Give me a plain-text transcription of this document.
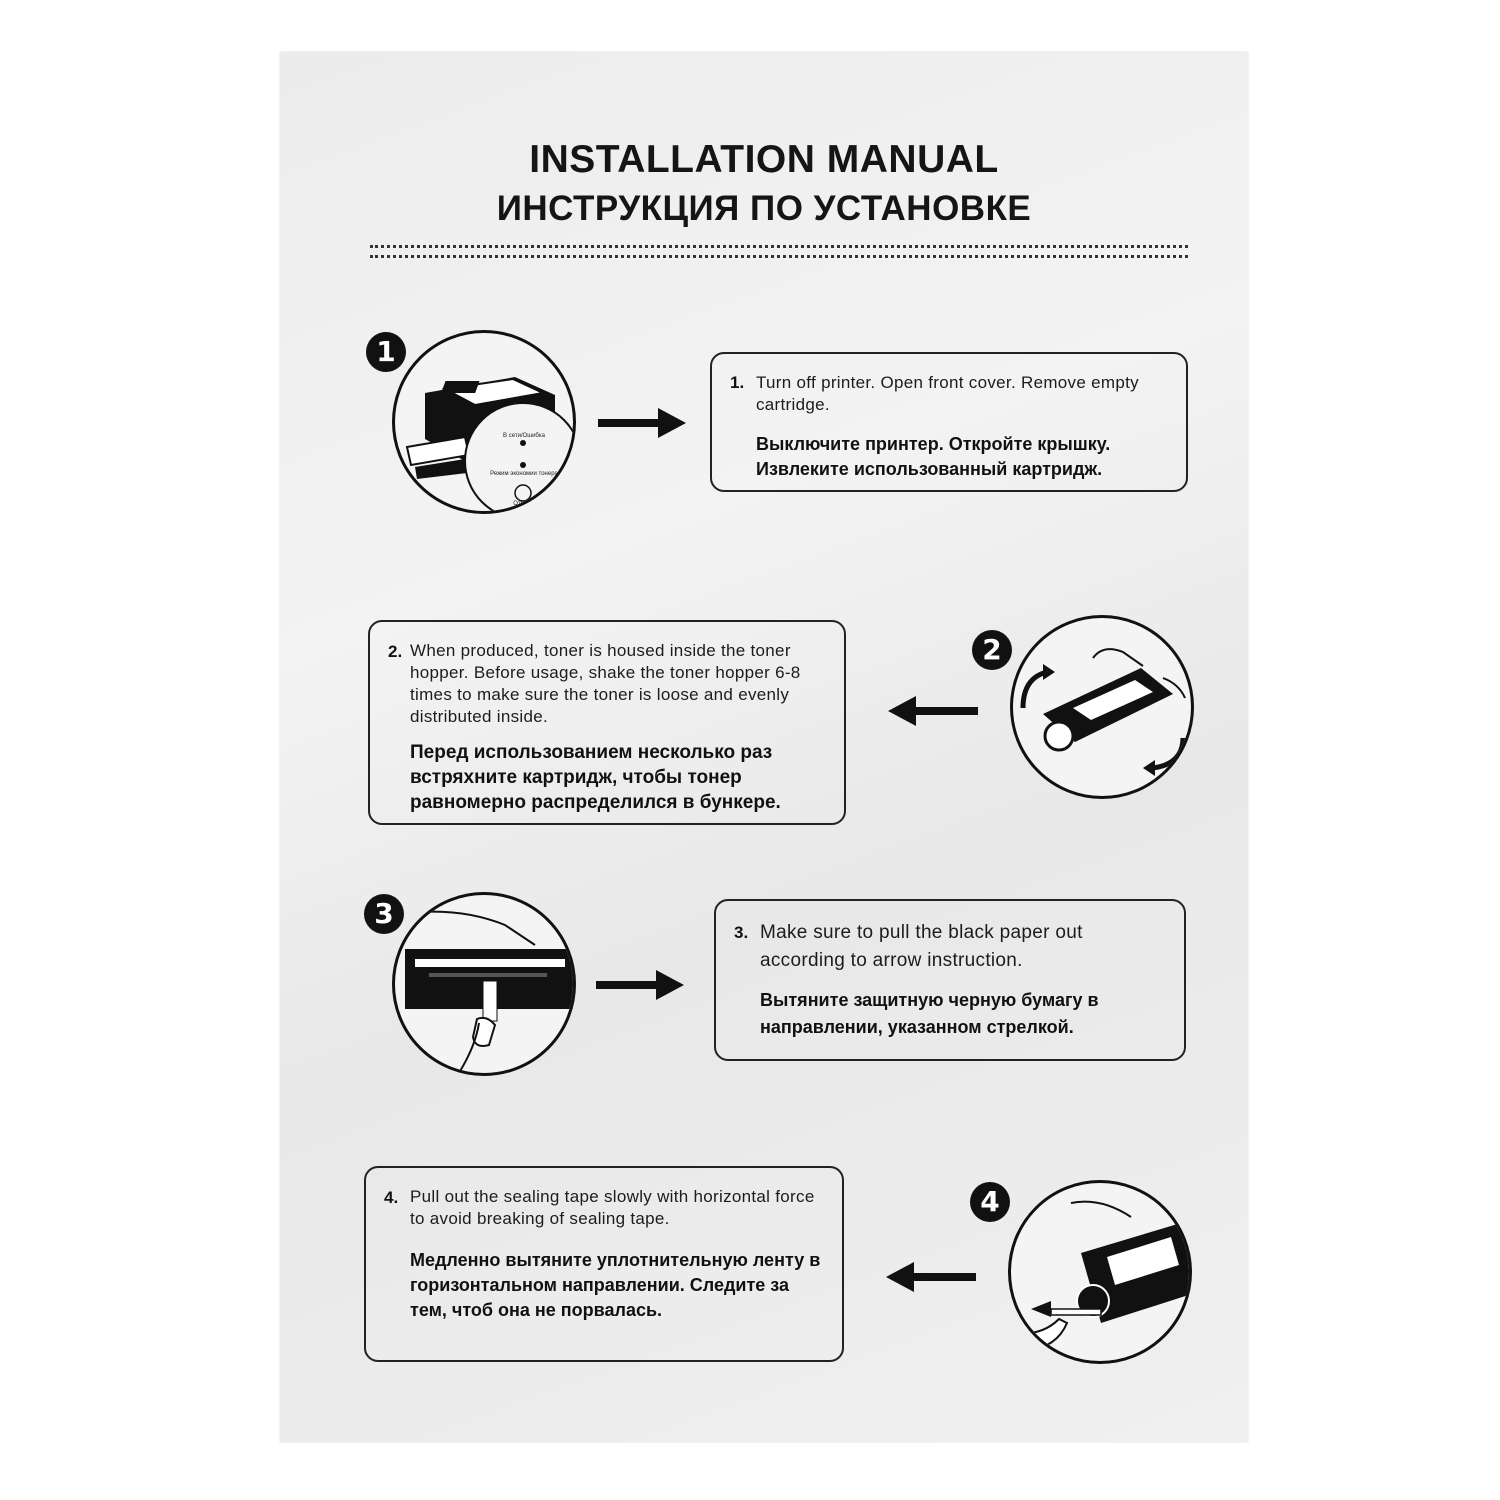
INSTALLATION MANUAL
ИНСТРУКЦИЯ ПО УСТАНОВКЕ
1
В сети/Ошибка
Режим экономии тонера
Отмена
1. Turn off printer. Open front cover. Remove empty cartridge.
Выключите принтер. Откройте крышку. Извлеките использованный картридж.
2. When produced, toner is housed inside the toner hopper. Before usage, shake the toner hopper 6-8 times to make sure the toner is loose and evenly distributed inside.
Перед использованием несколько раз встряхните картридж, чтобы тонер равномерно распределился в бункере.
2
3
3. Make sure to pull the black paper out according to arrow instruction.
Вытяните защитную черную бумагу в направлении, указанном стрелкой.
4. Pull out the sealing tape slowly with horizontal force to avoid breaking of sealing tape.
Медленно вытяните уплотнительную ленту в горизонтальном направлении. Следите за тем, чтоб она не порвалась.
4
